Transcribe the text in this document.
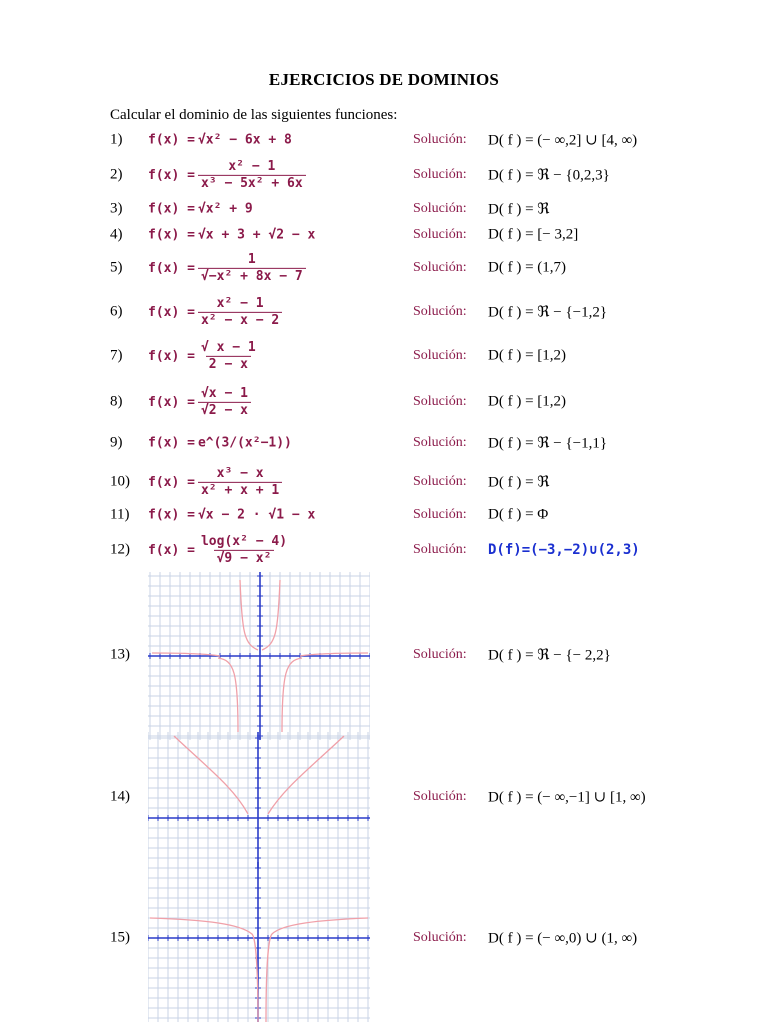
EJERCICIOS DE DOMINIOS
Calcular el dominio de las siguientes funciones:
1) f(x) = √x² − 6x + 8	Solución: D( f ) = (− ∞,2] ∪ [4, ∞)
2) $f(x) = \frac{\text{x² − 1}}{\text{x³ − 5x² + 6x}}$	Solución: D( f ) = ℜ − {0,2,3}
3) f(x) = √x² + 9	Solución: D( f ) = ℜ
4) f(x) = √x + 3 + √2 − x	Solución: D( f ) = [− 3,2]
5) $f(x) = \frac{1}{\text{√−x² + 8x − 7}}$	Solución: D( f ) = (1,7)
6) $f(x) = \frac{\text{x² − 1}}{\text{x² − x − 2}}$	Solución: D( f ) = ℜ − {−1,2}
7) $f(x) = \frac{√ x - 1}{2 - x}$	Solución: D( f ) = [1,2)
8) $f(x) = \frac{√x - 1}{√2 - x}$	Solución: D( f ) = [1,2)
9) f(x) = e^(3/(x²−1))	Solución: D( f ) = ℜ − {−1,1}
10) $f(x) = \frac{\text{x³ − x}}{\text{x² + x + 1}}$	Solución: D( f ) = ℜ
11) f(x) = √x − 2 · √1 − x	Solución: D( f ) = Φ
12) $f(x) = \frac{\text{log(x² − 4)}}{\text{√9 − x²}}$	Solución: D(f)=(−3,−2)∪(2,3)
13)	Solución: D( f ) = ℜ − {− 2,2}
14)	Solución: D( f ) = (− ∞,−1] ∪ [1, ∞)
15)	Solución: D( f ) = (− ∞,0) ∪ (1, ∞)
